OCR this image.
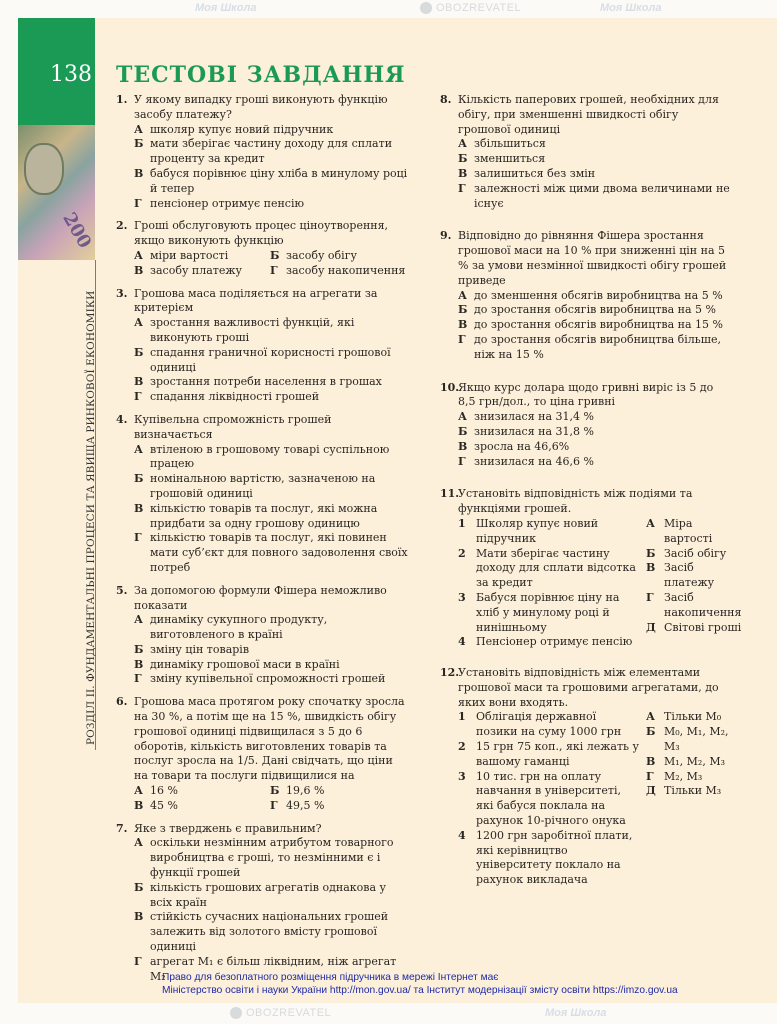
138
200
РОЗДІЛ II. ФУНДАМЕНТАЛЬНІ ПРОЦЕСИ ТА ЯВИЩА РИНКОВОЇ ЕКОНОМІКИ
ТЕСТОВІ ЗАВДАННЯ
Моя Школа	OBOZREVATEL	Моя Школа
OBOZREVATEL	Моя Школа
1. У якому випадку гроші виконують функцію засобу платежу?
А школяр купує новий підручник
Б мати зберігає частину доходу для сплати проценту за кредит
В бабуся порівнює ціну хліба в минулому році й тепер
Г пенсіонер отримує пенсію
2. Гроші обслуговують процес ціноутворення, якщо виконують функцію
А міри вартості	Б засобу обігу
В засобу платежу	Г засобу накопичення
3. Грошова маса поділяється на агрегати за критерієм
А зростання важливості функцій, які виконують гроші
Б спадання граничної корисності грошової одиниці
В зростання потреби населення в грошах
Г спадання ліквідності грошей
4. Купівельна спроможність грошей визначається
А втіленою в грошовому товарі суспільною працею
Б номінальною вартістю, зазначеною на грошовій одиниці
В кількістю товарів та послуг, які можна придбати за одну грошову одиницю
Г кількістю товарів та послуг, які повинен мати суб’єкт для повного задоволення своїх потреб
5. За допомогою формули Фішера неможливо показати
А динаміку сукупного продукту, виготовленого в країні
Б зміну цін товарів
В динаміку грошової маси в країні
Г зміну купівельної спроможності грошей
6. Грошова маса протягом року спочатку зросла на 30 %, а потім ще на 15 %, швидкість обігу грошової одиниці підвищилася з 5 до 6 оборотів, кількість виготовлених товарів та послуг зросла на 1/5. Дані свідчать, що ціни на товари та послуги підвищилися на
А 16 %	Б 19,6 %
В 45 %	Г 49,5 %
7. Яке з тверджень є правильним?
А оскільки незмінним атрибутом товарного виробництва є гроші, то незмінними є і функції грошей
Б кількість грошових агрегатів однакова у всіх країн
В стійкість сучасних національних грошей залежить від золотого вмісту грошової одиниці
Г агрегат M₁ є більш ліквідним, ніж агрегат M₂
8. Кількість паперових грошей, необхідних для обігу, при зменшенні швидкості обігу грошової одиниці
А збільшиться
Б зменшиться
В залишиться без змін
Г залежності між цими двома величинами не існує
9. Відповідно до рівняння Фішера зростання грошової маси на 10 % при зниженні цін на 5 % за умови незмінної швидкості обігу грошей приведе
А до зменшення обсягів виробництва на 5 %
Б до зростання обсягів виробництва на 5 %
В до зростання обсягів виробництва на 15 %
Г до зростання обсягів виробництва більше, ніж на 15 %
10.
Якщо курс долара щодо гривні виріс із 5 до 8,5 грн/дол., то ціна гривні
А знизилася на 31,4 %
Б знизилася на 31,8 %
В зросла на 46,6%
Г знизилася на 46,6 %
11.
Установіть відповідність між подіями та функціями грошей.
1 Школяр купує новий підручник
2 Мати зберігає частину доходу для сплати відсотка за кредит
3 Бабуся порівнює ціну на хліб у минулому році й нинішньому
4 Пенсіонер отримує пенсію
А Міра вартості
Б Засіб обігу
В Засіб платежу
Г Засіб накопичення
Д Світові гроші
12.
Установіть відповідність між елементами грошової маси та грошовими агрегатами, до яких вони входять.
1 Облігація державної позики на суму 1000 грн
2 15 грн 75 коп., які лежать у вашому гаманці
3 10 тис. грн на оплату навчання в університеті, які бабуся поклала на рахунок 10-річного онука
4 1200 грн заробітної плати, які керівництво університету поклало на рахунок викладача
А Тільки M₀
Б M₀, M₁, M₂, M₃
В M₁, M₂, M₃
Г M₂, M₃
Д Тільки M₃
Право для безоплатного розміщення підручника в мережі Інтернет має
Міністерство освіти і науки України http://mon.gov.ua/ та Інститут модернізації змісту освіти https://imzo.gov.ua
